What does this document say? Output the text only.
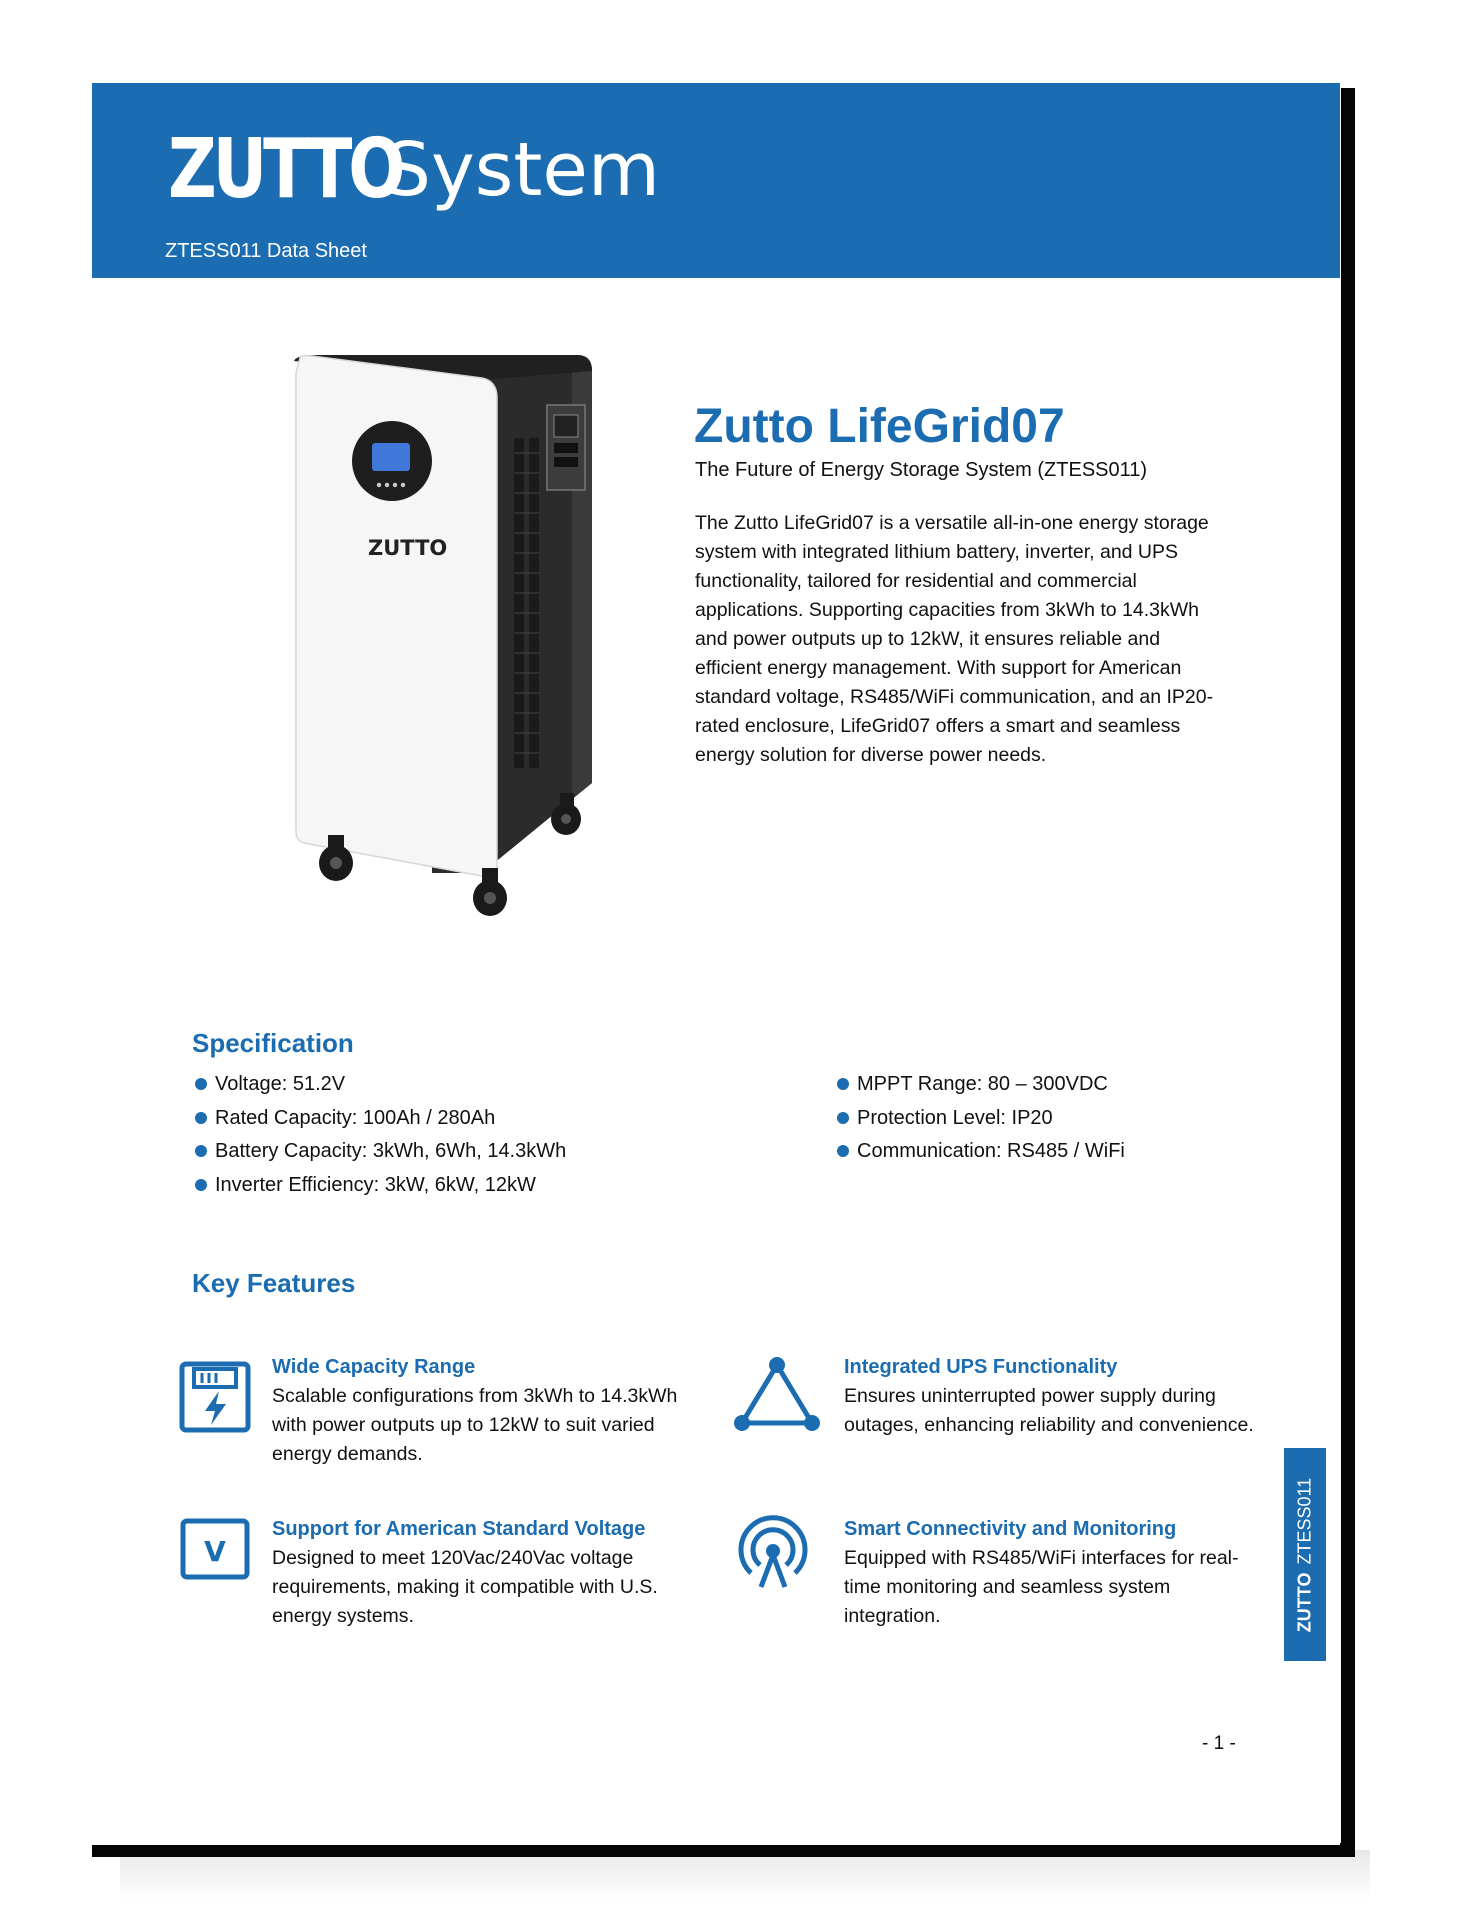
ZUTTO
System
ZTESS011 Data Sheet
ZUTTO
Zutto LifeGrid07
The Future of Energy Storage System (ZTESS011)
The Zutto LifeGrid07 is a versatile all-in-one energy storage system with integrated lithium battery, inverter, and UPS functionality, tailored for residential and commercial applications. Supporting capacities from 3kWh to 14.3kWh and power outputs up to 12kW, it ensures reliable and efficient energy management. With support for American standard voltage, RS485/WiFi communication, and an IP20-rated enclosure, LifeGrid07 offers a smart and seamless energy solution for diverse power needs.
Specification
Voltage: 51.2V
Rated Capacity: 100Ah / 280Ah
Battery Capacity: 3kWh, 6Wh, 14.3kWh
Inverter Efficiency: 3kW, 6kW, 12kW
MPPT Range: 80 – 300VDC
Protection Level: IP20
Communication: RS485 / WiFi
Key Features
Wide Capacity Range
Scalable configurations from 3kWh to 14.3kWh with power outputs up to 12kW to suit varied energy demands.
Integrated UPS Functionality
Ensures uninterrupted power supply during outages, enhancing reliability and convenience.
V
Support for American Standard Voltage
Designed to meet 120Vac/240Vac voltage requirements, making it compatible with U.S. energy systems.
Smart Connectivity and Monitoring
Equipped with RS485/WiFi interfaces for real-time monitoring and seamless system integration.	ZUTTOZTESS011
- 1 -
